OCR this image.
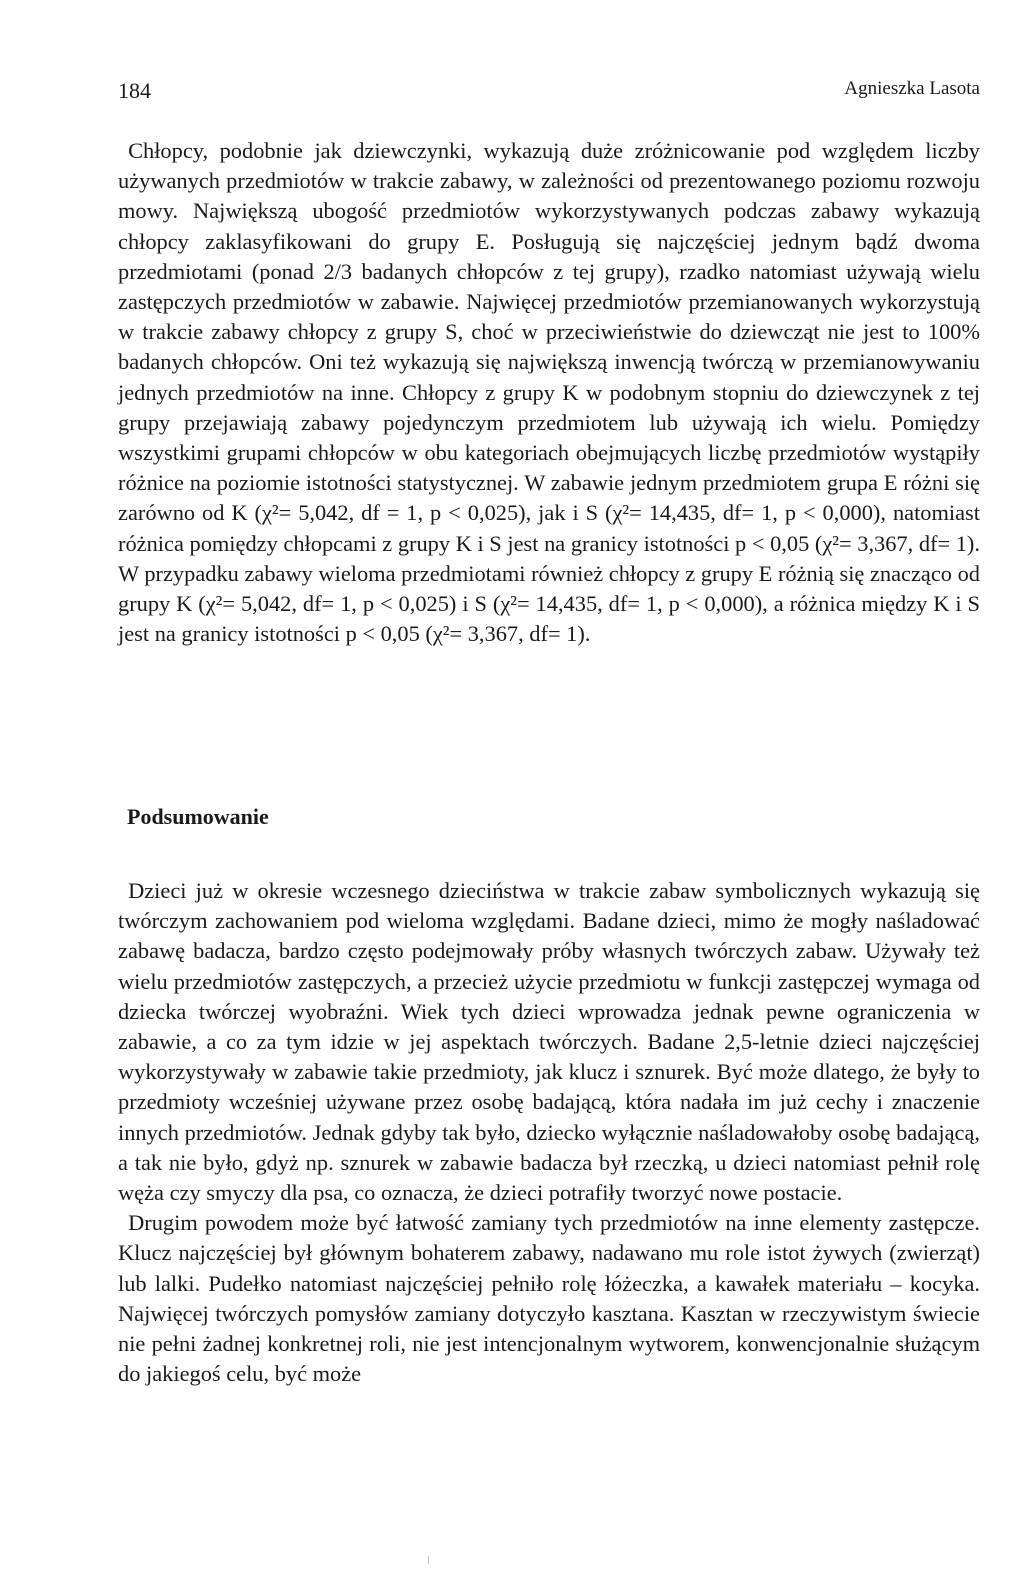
184	Agnieszka Lasota

Chłopcy, podobnie jak dziewczynki, wykazują duże zróżnicowanie pod względem liczby używanych przedmiotów w trakcie zabawy, w zależności od prezentowanego poziomu rozwoju mowy. Największą ubogość przedmiotów wykorzystywanych podczas zabawy wykazują chłopcy zaklasyfikowani do grupy E. Posługują się najczęściej jednym bądź dwoma przedmiotami (ponad 2/3 badanych chłopców z tej grupy), rzadko natomiast używają wielu zastępczych przedmiotów w zabawie. Najwięcej przedmiotów przemianowanych wykorzystują w trakcie zabawy chłopcy z grupy S, choć w przeciwieństwie do dziewcząt nie jest to 100% badanych chłopców. Oni też wykazują się największą inwencją twórczą w przemianowywaniu jednych przedmiotów na inne. Chłopcy z grupy K w podobnym stopniu do dziewczynek z tej grupy przejawiają zabawy pojedynczym przedmiotem lub używają ich wielu. Pomiędzy wszystkimi grupami chłopców w obu kategoriach obejmujących liczbę przedmiotów wystąpiły różnice na poziomie istotności statystycznej. W zabawie jednym przedmiotem grupa E różni się zarówno od K (χ²= 5,042, df = 1, p < 0,025), jak i S (χ²= 14,435, df= 1, p < 0,000), natomiast różnica pomiędzy chłopcami z grupy K i S jest na granicy istotności p < 0,05 (χ²= 3,367, df= 1). W przypadku zabawy wieloma przedmiotami również chłopcy z grupy E różnią się znacząco od grupy K (χ²= 5,042, df= 1, p < 0,025) i S (χ²= 14,435, df= 1, p < 0,000), a różnica między K i S jest na granicy istotności p < 0,05 (χ²= 3,367, df= 1).

Podsumowanie

Dzieci już w okresie wczesnego dzieciństwa w trakcie zabaw symbolicznych wykazują się twórczym zachowaniem pod wieloma względami. Badane dzieci, mimo że mogły naśladować zabawę badacza, bardzo często podejmowały próby własnych twórczych zabaw. Używały też wielu przedmiotów zastępczych, a przecież użycie przedmiotu w funkcji zastępczej wymaga od dziecka twórczej wyobraźni. Wiek tych dzieci wprowadza jednak pewne ograniczenia w zabawie, a co za tym idzie w jej aspektach twórczych. Badane 2,5-letnie dzieci najczęściej wykorzystywały w zabawie takie przedmioty, jak klucz i sznurek. Być może dlatego, że były to przedmioty wcześniej używane przez osobę badającą, która nadała im już cechy i znaczenie innych przedmiotów. Jednak gdyby tak było, dziecko wyłącznie naśladowałoby osobę badającą, a tak nie było, gdyż np. sznurek w zabawie badacza był rzeczką, u dzieci natomiast pełnił rolę węża czy smyczy dla psa, co oznacza, że dzieci potrafiły tworzyć nowe postacie.

Drugim powodem może być łatwość zamiany tych przedmiotów na inne elementy zastępcze. Klucz najczęściej był głównym bohaterem zabawy, nadawano mu role istot żywych (zwierząt) lub lalki. Pudełko natomiast najczęściej pełniło rolę łóżeczka, a kawałek materiału – kocyka. Najwięcej twórczych pomysłów zamiany dotyczyło kasztana. Kasztan w rzeczywistym świecie nie pełni żadnej konkretnej roli, nie jest intencjonalnym wytworem, konwencjonalnie służącym do jakiegoś celu, być może
